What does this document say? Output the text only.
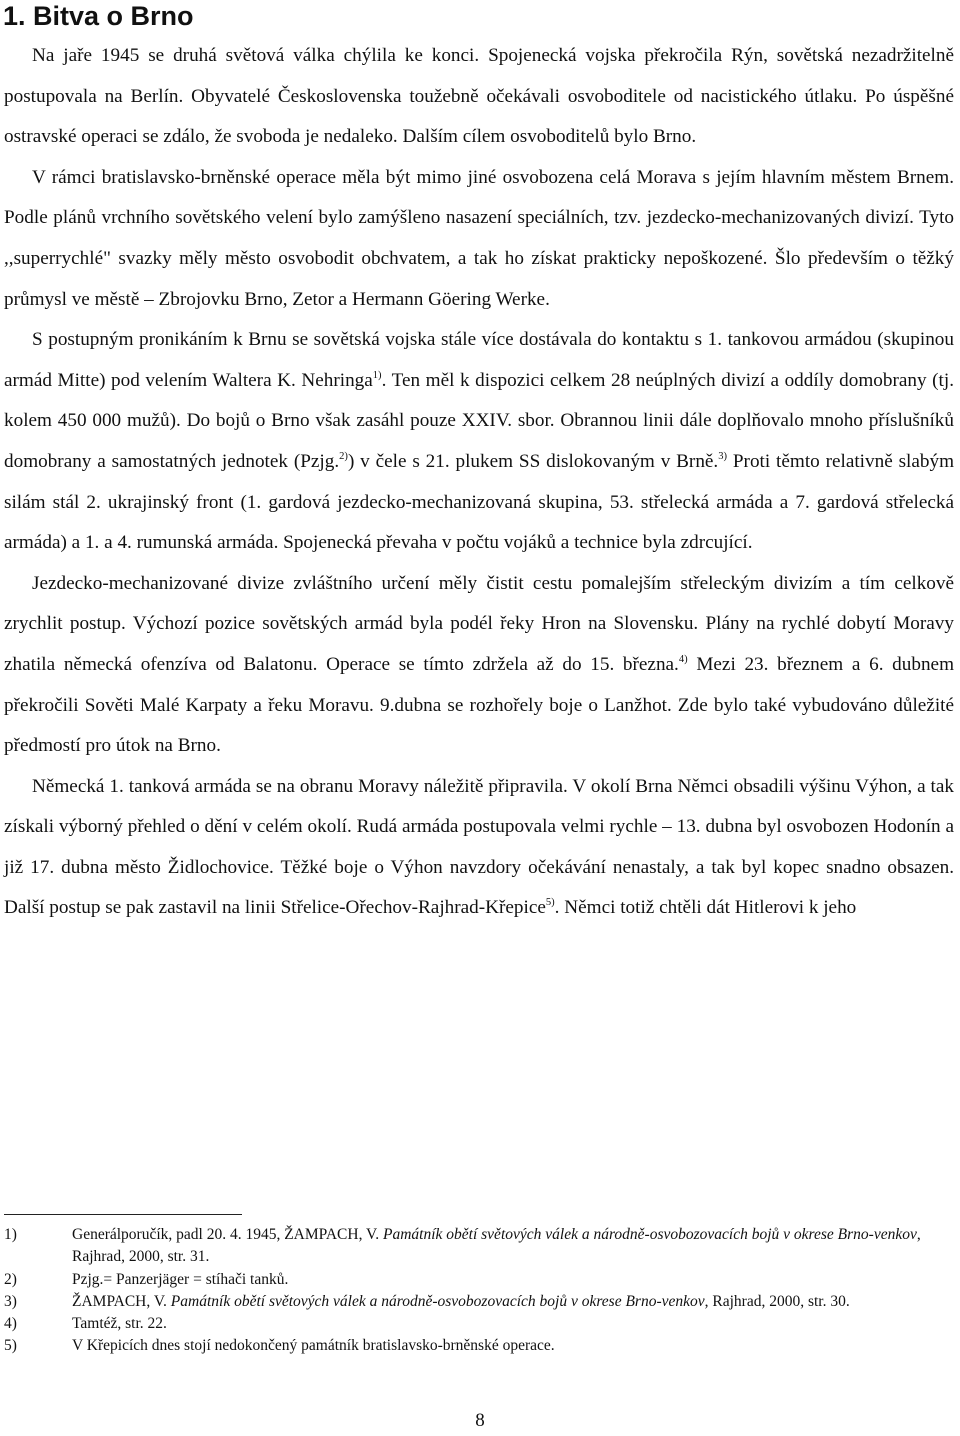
1. Bitva o Brno

Na jaře 1945 se druhá světová válka chýlila ke konci. Spojenecká vojska překročila Rýn, sovětská nezadržitelně postupovala na Berlín. Obyvatelé Československa toužebně očekávali osvoboditele od nacistického útlaku. Po úspěšné ostravské operaci se zdálo, že svoboda je nedaleko. Dalším cílem osvoboditelů bylo Brno.

V rámci bratislavsko-brněnské operace měla být mimo jiné osvobozena celá Morava s jejím hlavním městem Brnem. Podle plánů vrchního sovětského velení bylo zamýšleno nasazení speciálních, tzv. jezdecko-mechanizovaných divizí. Tyto ,,superrychlé" svazky měly město osvobodit obchvatem, a tak ho získat prakticky nepoškozené. Šlo především o těžký průmysl ve městě – Zbrojovku Brno, Zetor a Hermann Göering Werke.

S postupným pronikáním k Brnu se sovětská vojska stále více dostávala do kontaktu s 1. tankovou armádou (skupinou armád Mitte) pod velením Waltera K. Nehringa$^{1)}$. Ten měl k dispozici celkem 28 neúplných divizí a oddíly domobrany (tj. kolem 450 000 mužů). Do bojů o Brno však zasáhl pouze XXIV. sbor. Obrannou linii dále doplňovalo mnoho příslušníků domobrany a samostatných jednotek (Pzjg.$^{2)}$) v čele s 21. plukem SS dislokovaným v Brně.$^{3)}$ Proti těmto relativně slabým silám stál 2. ukrajinský front (1. gardová jezdecko-mechanizovaná skupina, 53. střelecká armáda a 7. gardová střelecká armáda) a 1. a 4. rumunská armáda. Spojenecká převaha v počtu vojáků a technice byla zdrcující.

Jezdecko-mechanizované divize zvláštního určení měly čistit cestu pomalejším střeleckým divizím a tím celkově zrychlit postup. Výchozí pozice sovětských armád byla podél řeky Hron na Slovensku. Plány na rychlé dobytí Moravy zhatila německá ofenzíva od Balatonu. Operace se tímto zdržela až do 15. března.$^{4)}$ Mezi 23. březnem a 6. dubnem překročili Sověti Malé Karpaty a řeku Moravu. 9.dubna se rozhořely boje o Lanžhot. Zde bylo také vybudováno důležité předmostí pro útok na Brno.

Německá 1. tanková armáda se na obranu Moravy náležitě připravila. V okolí Brna Němci obsadili výšinu Výhon, a tak získali výborný přehled o dění v celém okolí. Rudá armáda postupovala velmi rychle – 13. dubna byl osvobozen Hodonín a již 17. dubna město Židlochovice. Těžké boje o Výhon navzdory očekávání nenastaly, a tak byl kopec snadno obsazen. Další postup se pak zastavil na linii Střelice-Ořechov-Rajhrad-Křepice$^{5)}$. Němci totiž chtěli dát Hitlerovi k jeho

1)	Generálporučík, padl 20. 4. 1945, ŽAMPACH, V. Památník obětí světových válek a národně-osvobozovacích bojů v okrese Brno-venkov, Rajhrad, 2000, str. 31.
2)	Pzjg.= Panzerjäger = stíhači tanků.
3)	ŽAMPACH, V. Památník obětí světových válek a národně-osvobozovacích bojů v okrese Brno-venkov, Rajhrad, 2000, str. 30.
4)	Tamtéž, str. 22.
5)	V Křepicích dnes stojí nedokončený památník bratislavsko-brněnské operace.
8
